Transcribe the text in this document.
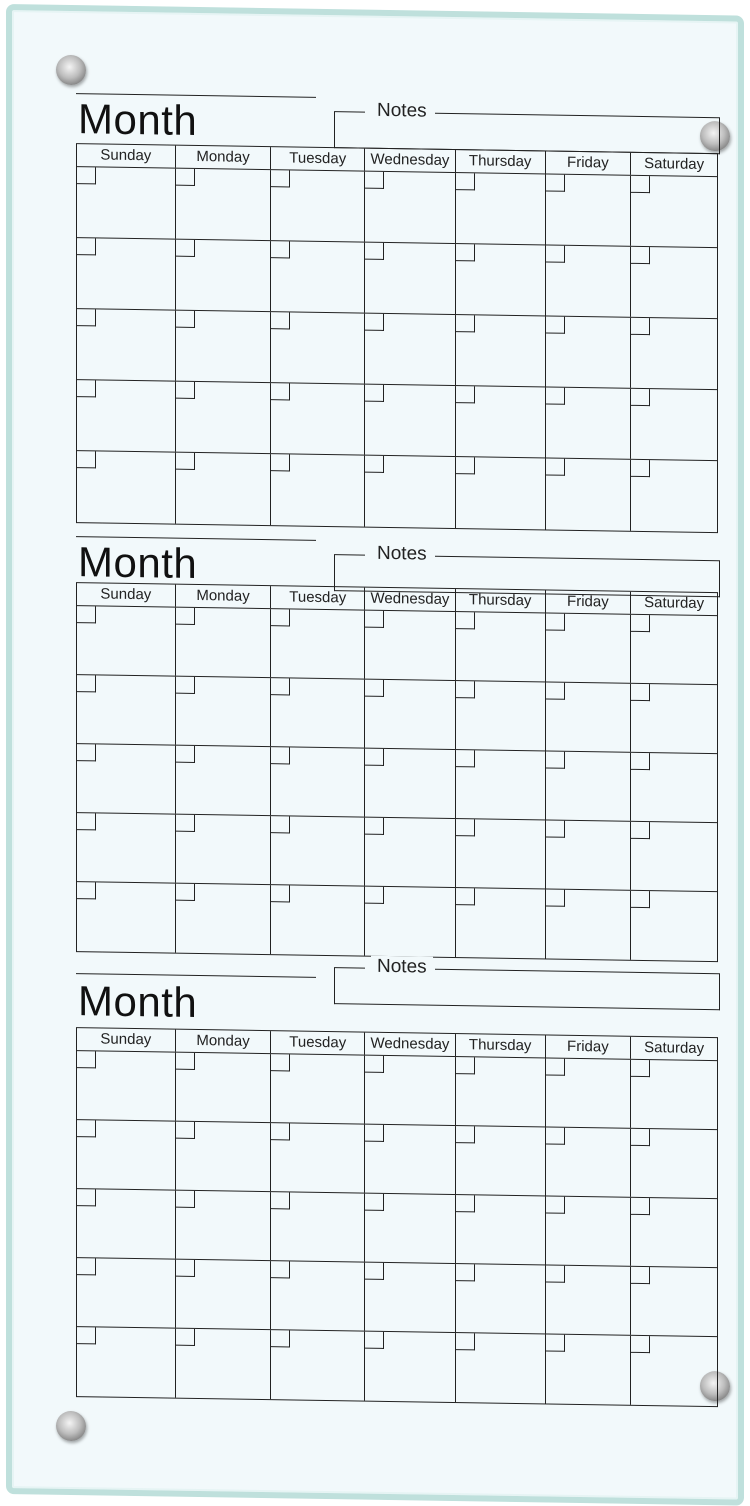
Month	Notes
Sunday	Monday	Tuesday	Wednesday	Thursday	Friday	Saturday
Month	Notes
Sunday	Monday	Tuesday	Wednesday	Thursday	Friday	Saturday
Month
Notes
Sunday	Monday	Tuesday	Wednesday	Thursday	Friday	Saturday
